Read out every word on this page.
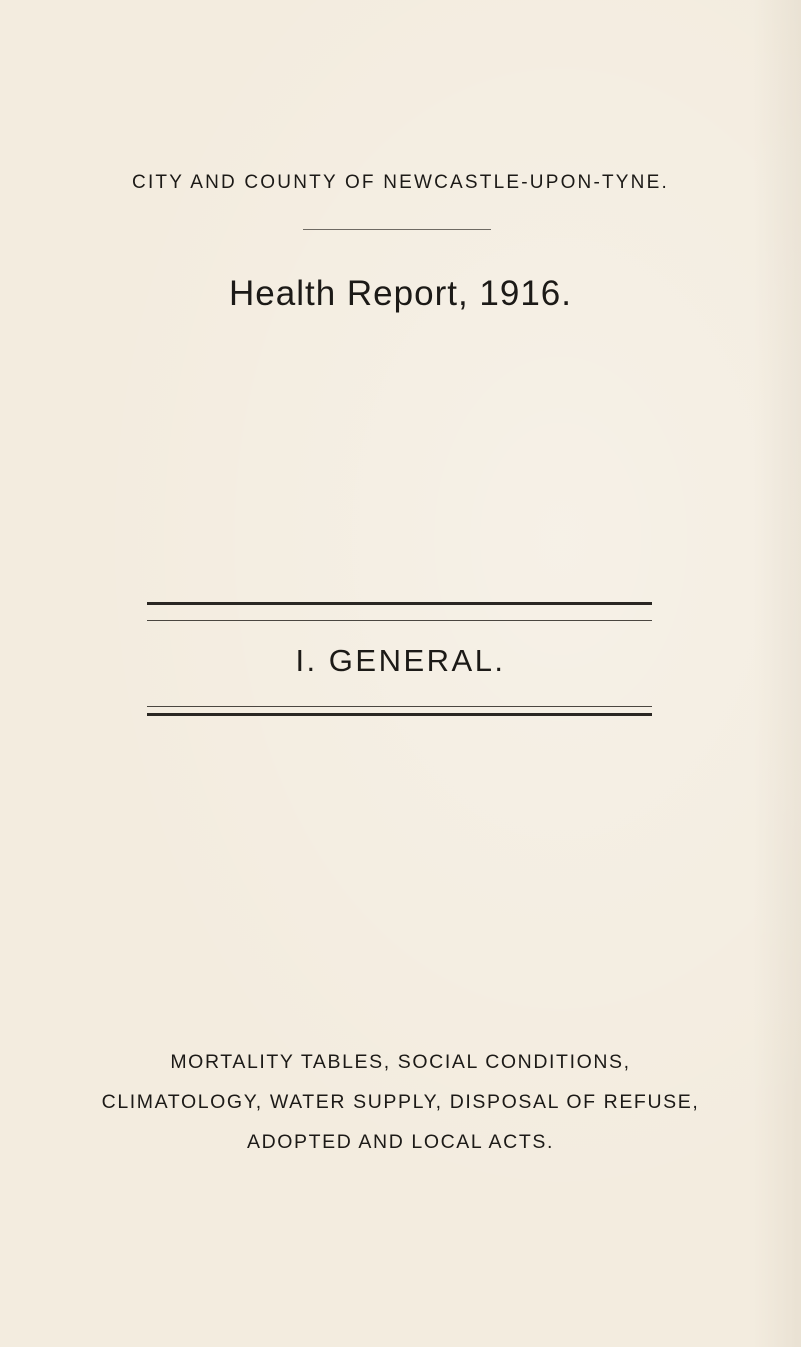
CITY AND COUNTY OF NEWCASTLE-UPON-TYNE.
Health Report, 1916.
I. GENERAL.
MORTALITY TABLES, SOCIAL CONDITIONS,
CLIMATOLOGY, WATER SUPPLY, DISPOSAL OF REFUSE,
ADOPTED AND LOCAL ACTS.
